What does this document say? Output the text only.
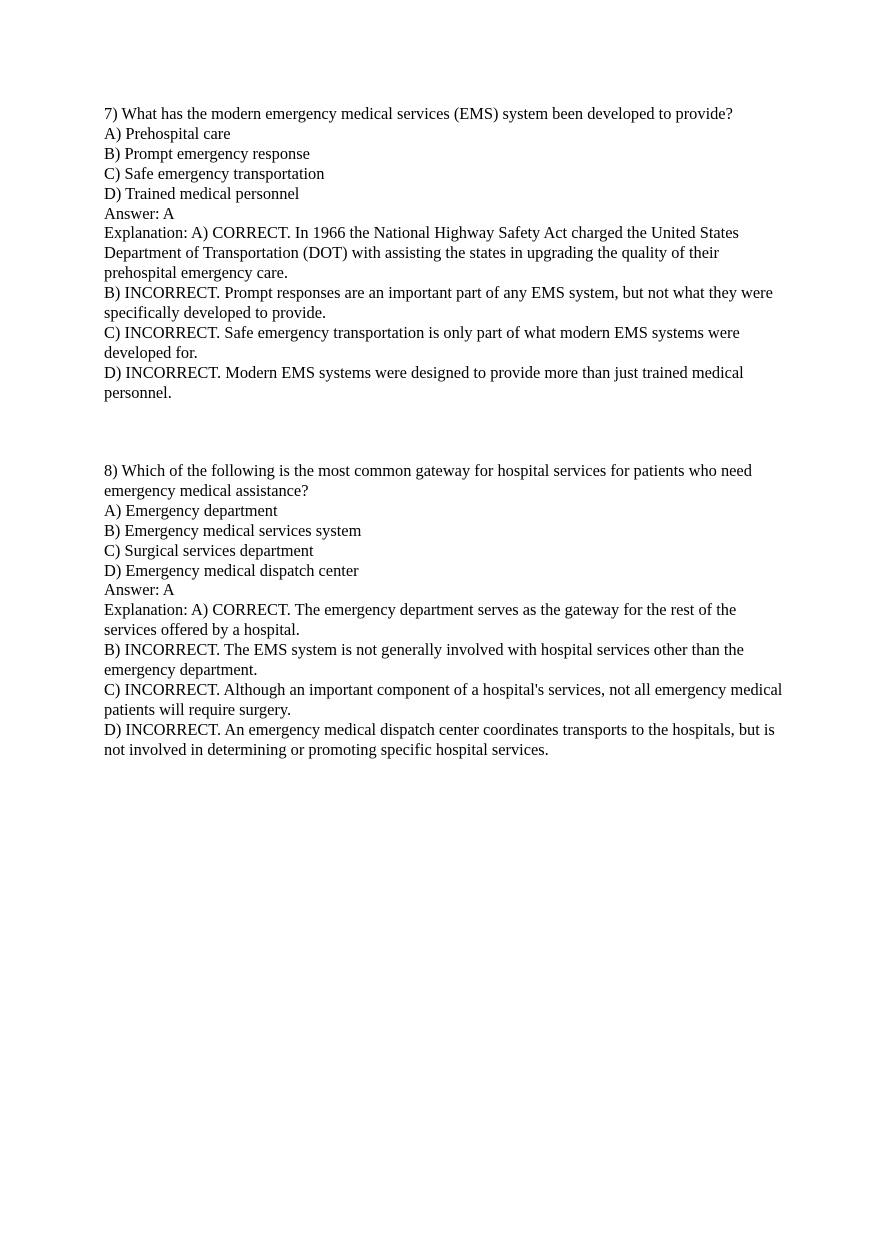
7) What has the modern emergency medical services (EMS) system been developed to provide?
A) Prehospital care
B) Prompt emergency response
C) Safe emergency transportation
D) Trained medical personnel
Answer: A
Explanation: A) CORRECT. In 1966 the National Highway Safety Act charged the United States Department of Transportation (DOT) with assisting the states in upgrading the quality of their prehospital emergency care.
B) INCORRECT. Prompt responses are an important part of any EMS system, but not what they were specifically developed to provide.
C) INCORRECT. Safe emergency transportation is only part of what modern EMS systems were developed for.
D) INCORRECT. Modern EMS systems were designed to provide more than just trained medical personnel.
8) Which of the following is the most common gateway for hospital services for patients who need emergency medical assistance?
A) Emergency department
B) Emergency medical services system
C) Surgical services department
D) Emergency medical dispatch center
Answer: A
Explanation: A) CORRECT. The emergency department serves as the gateway for the rest of the services offered by a hospital.
B) INCORRECT. The EMS system is not generally involved with hospital services other than the emergency department.
C) INCORRECT. Although an important component of a hospital's services, not all emergency medical patients will require surgery.
D) INCORRECT. An emergency medical dispatch center coordinates transports to the hospitals, but is not involved in determining or promoting specific hospital services.
